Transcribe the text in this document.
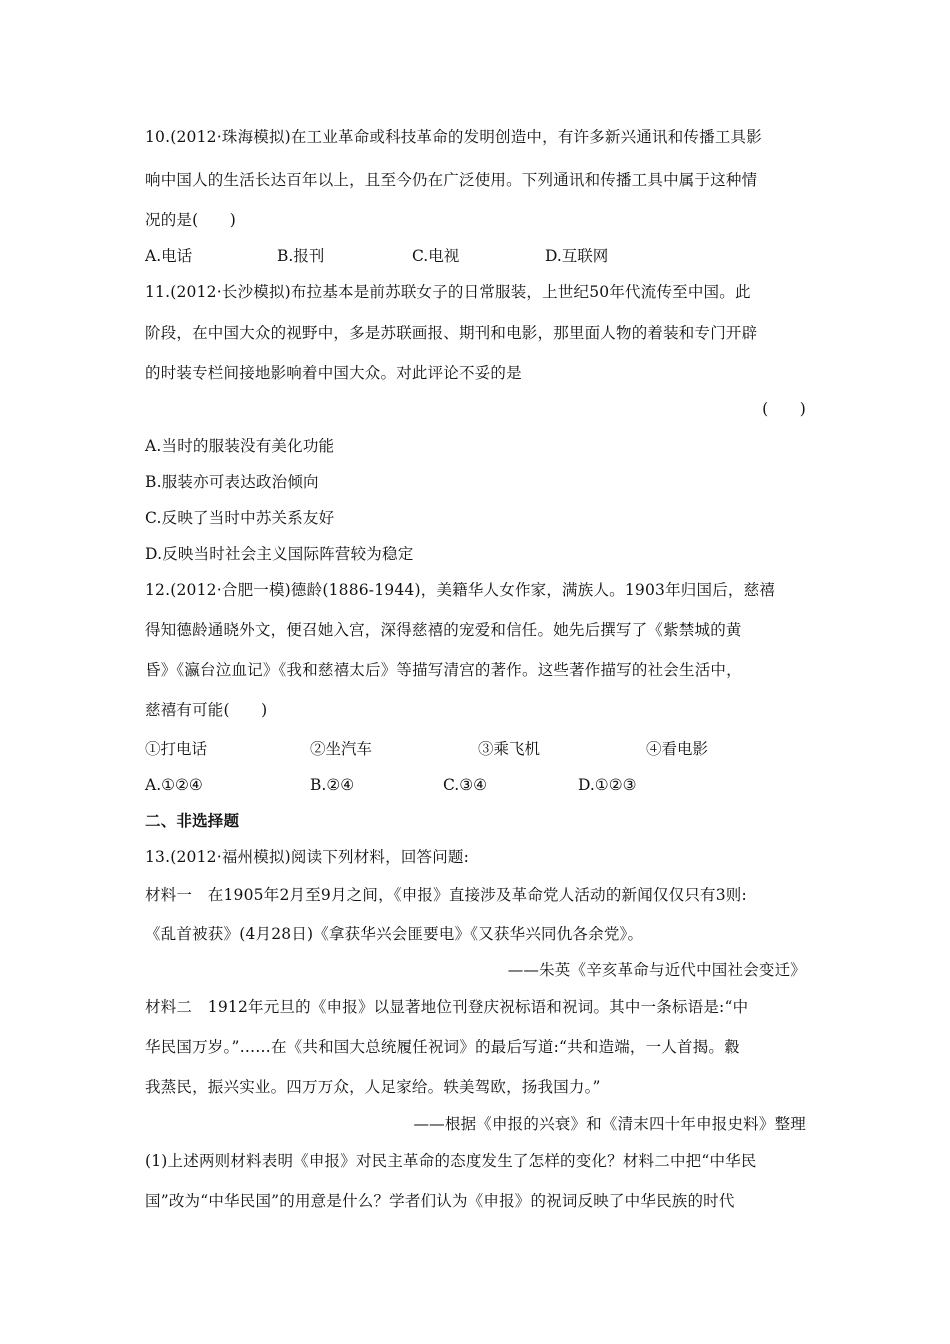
10.(2012·珠海模拟)在工业革命或科技革命的发明创造中，有许多新兴通讯和传播工具影
响中国人的生活长达百年以上，且至今仍在广泛使用。下列通讯和传播工具中属于这种情
况的是(　　)
A.电话	B.报刊	C.电视	D.互联网
11.(2012·长沙模拟)布拉基本是前苏联女子的日常服装，上世纪50年代流传至中国。此
阶段，在中国大众的视野中，多是苏联画报、期刊和电影，那里面人物的着装和专门开辟
的时装专栏间接地影响着中国大众。对此评论不妥的是
(　　)
A.当时的服装没有美化功能
B.服装亦可表达政治倾向
C.反映了当时中苏关系友好
D.反映当时社会主义国际阵营较为稳定
12.(2012·合肥一模)德龄(1886-1944)，美籍华人女作家，满族人。1903年归国后，慈禧
得知德龄通晓外文，便召她入宫，深得慈禧的宠爱和信任。她先后撰写了《紫禁城的黄
昏》《瀛台泣血记》《我和慈禧太后》等描写清宫的著作。这些著作描写的社会生活中，
慈禧有可能(　　)
①打电话	②坐汽车	③乘飞机	④看电影
A.①②④	B.②④	C.③④	D.①②③
二、非选择题
13.(2012·福州模拟)阅读下列材料，回答问题:
材料一　在1905年2月至9月之间，《申报》直接涉及革命党人活动的新闻仅仅只有3则:
《乱首被获》(4月28日)《拿获华兴会匪要电》《又获华兴同仇各余党》。
——朱英《辛亥革命与近代中国社会变迁》
材料二　1912年元旦的《申报》以显著地位刊登庆祝标语和祝词。其中一条标语是:“中
华民国万岁。”……在《共和国大总统履任祝词》的最后写道:“共和造端，一人首揭。縠
我蒸民，振兴实业。四万万众，人足家给。轶美驾欧，扬我国力。”
——根据《申报的兴衰》和《清末四十年申报史料》整理
(1)上述两则材料表明《申报》对民主革命的态度发生了怎样的变化？材料二中把“中华民
国”改为“中华民国”的用意是什么？学者们认为《申报》的祝词反映了中华民族的时代
